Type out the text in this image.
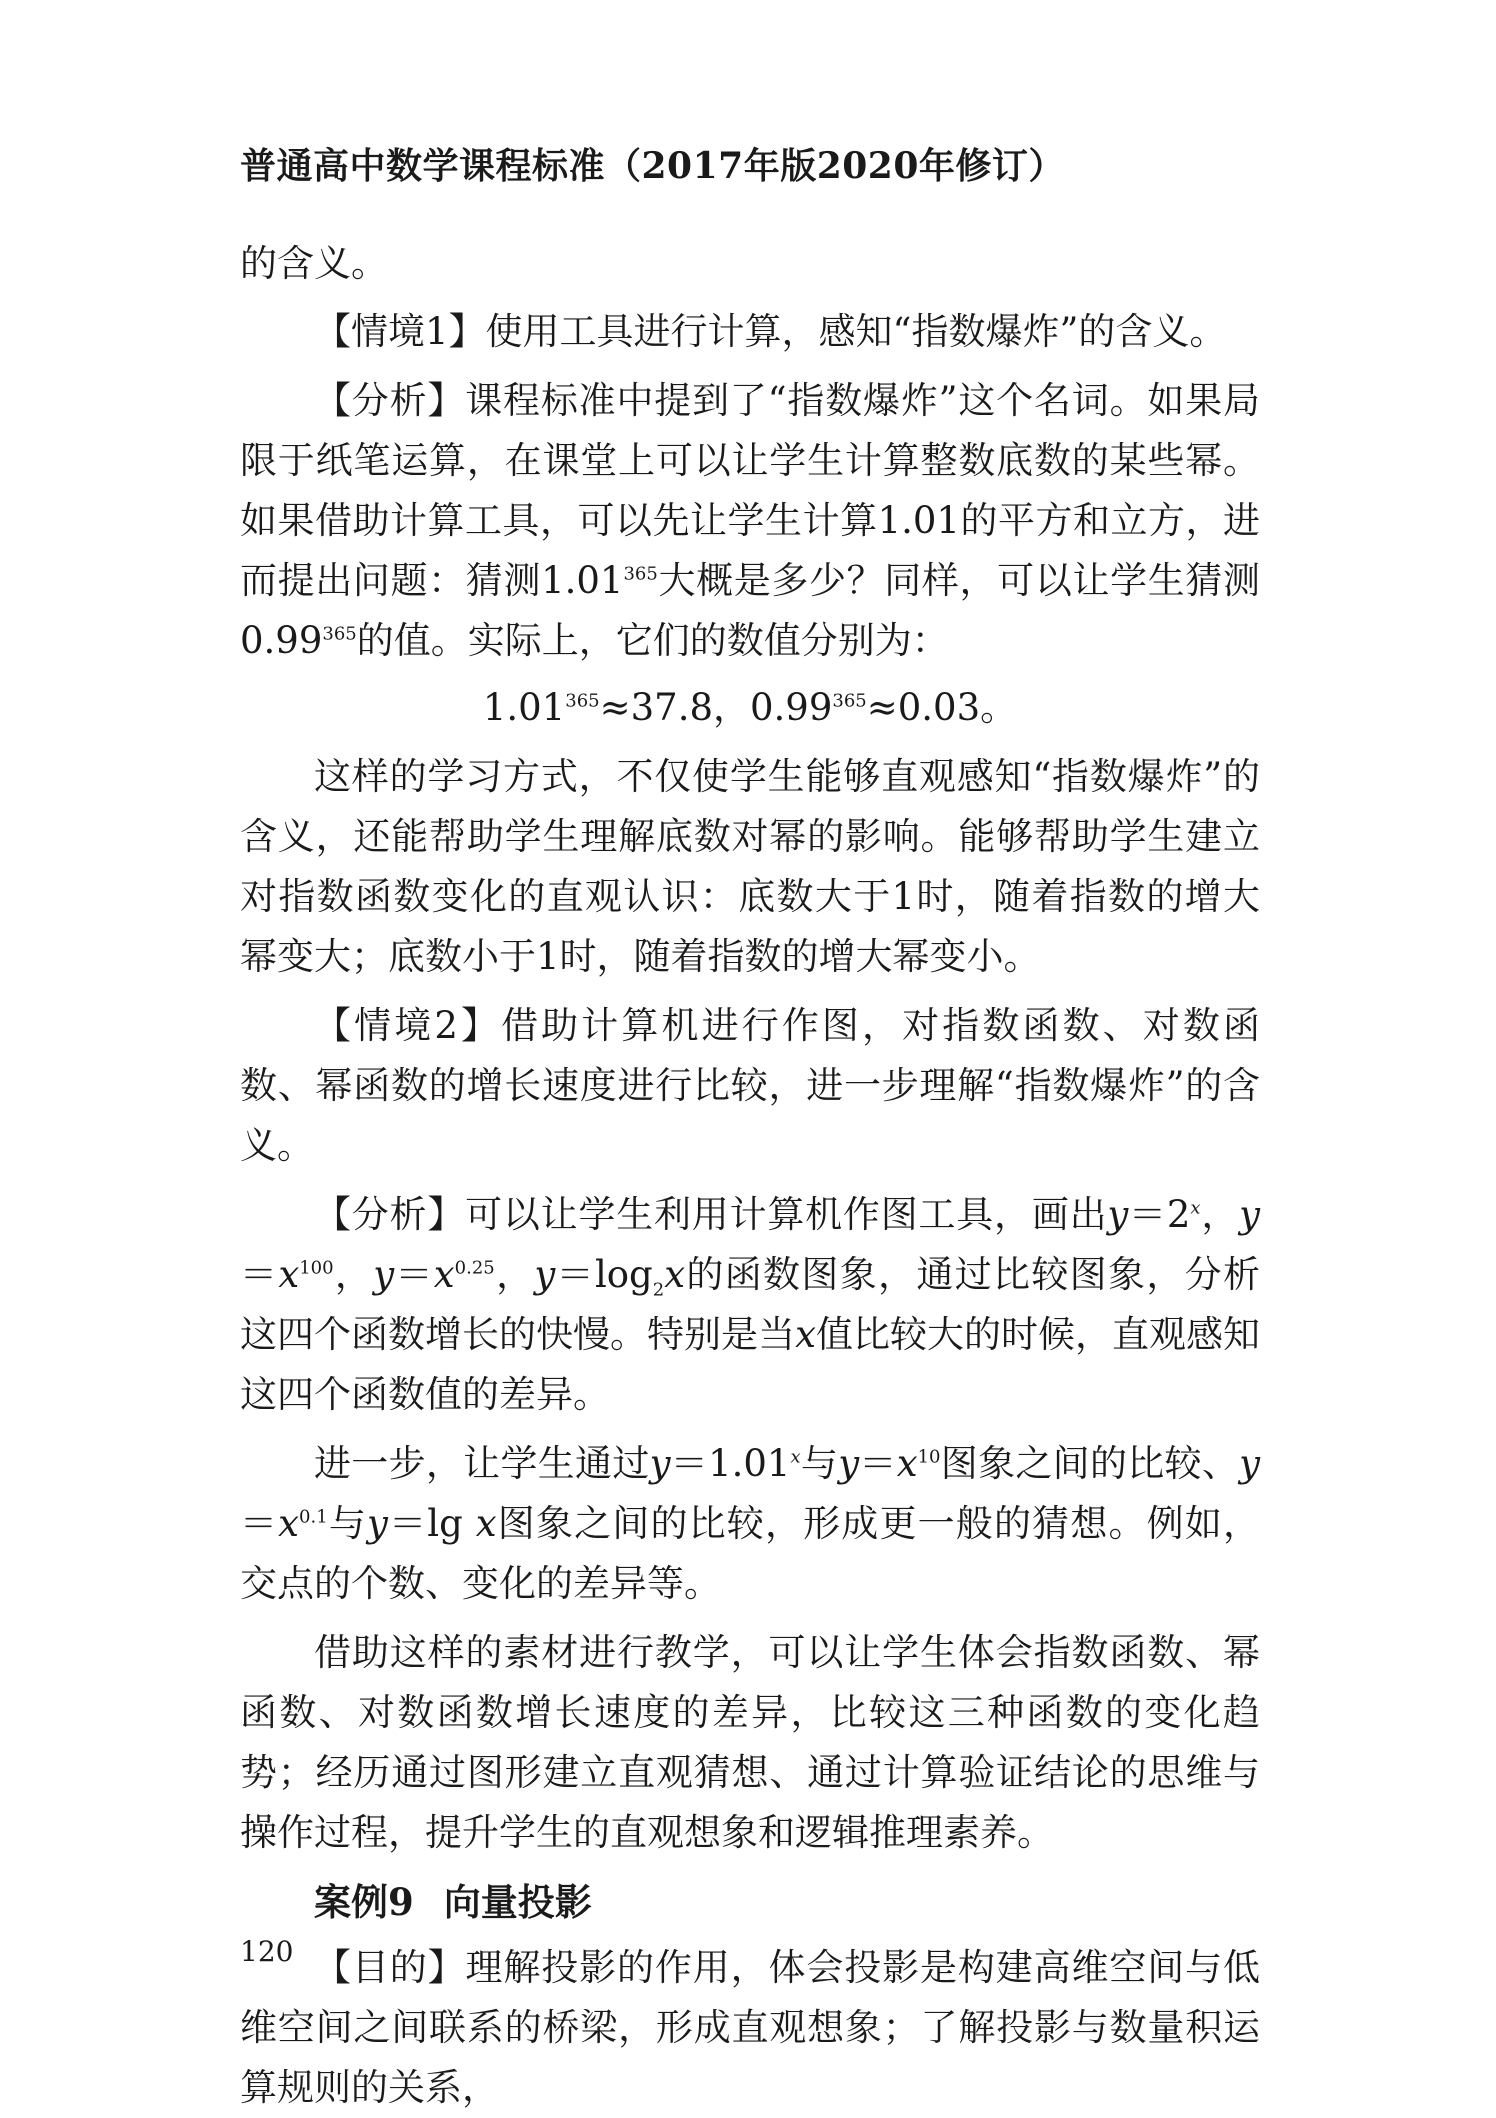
普通高中数学课程标准（2017年版2020年修订）

的含义。

【情境1】使用工具进行计算，感知“指数爆炸”的含义。

【分析】课程标准中提到了“指数爆炸”这个名词。如果局限于纸笔运算，在课堂上可以让学生计算整数底数的某些幂。如果借助计算工具，可以先让学生计算1.01的平方和立方，进而提出问题：猜测1.01$^{365}$大概是多少？同样，可以让学生猜测0.99$^{365}$的值。实际上，它们的数值分别为：

$1.01^{365}\approx 37.8$，$0.99^{365}\approx 0.03$。

这样的学习方式，不仅使学生能够直观感知“指数爆炸”的含义，还能帮助学生理解底数对幂的影响。能够帮助学生建立对指数函数变化的直观认识：底数大于1时，随着指数的增大幂变大；底数小于1时，随着指数的增大幂变小。

【情境2】借助计算机进行作图，对指数函数、对数函数、幂函数的增长速度进行比较，进一步理解“指数爆炸”的含义。

【分析】可以让学生利用计算机作图工具，画出$y=2^x$，$y=x^{100}$，$y=x^{0.25}$，$y=\log_2x$的函数图象，通过比较图象，分析这四个函数增长的快慢。特别是当x值比较大的时候，直观感知这四个函数值的差异。

进一步，让学生通过$y=1.01^x$与$y=x^{10}$图象之间的比较、$y=x^{0.1}$与y＝lg x图象之间的比较，形成更一般的猜想。例如，交点的个数、变化的差异等。

借助这样的素材进行教学，可以让学生体会指数函数、幂函数、对数函数增长速度的差异，比较这三种函数的变化趋势；经历通过图形建立直观猜想、通过计算验证结论的思维与操作过程，提升学生的直观想象和逻辑推理素养。

案例9 向量投影

【目的】理解投影的作用，体会投影是构建高维空间与低维空间之间联系的桥梁，形成直观想象；了解投影与数量积运算规则的关系，

120
